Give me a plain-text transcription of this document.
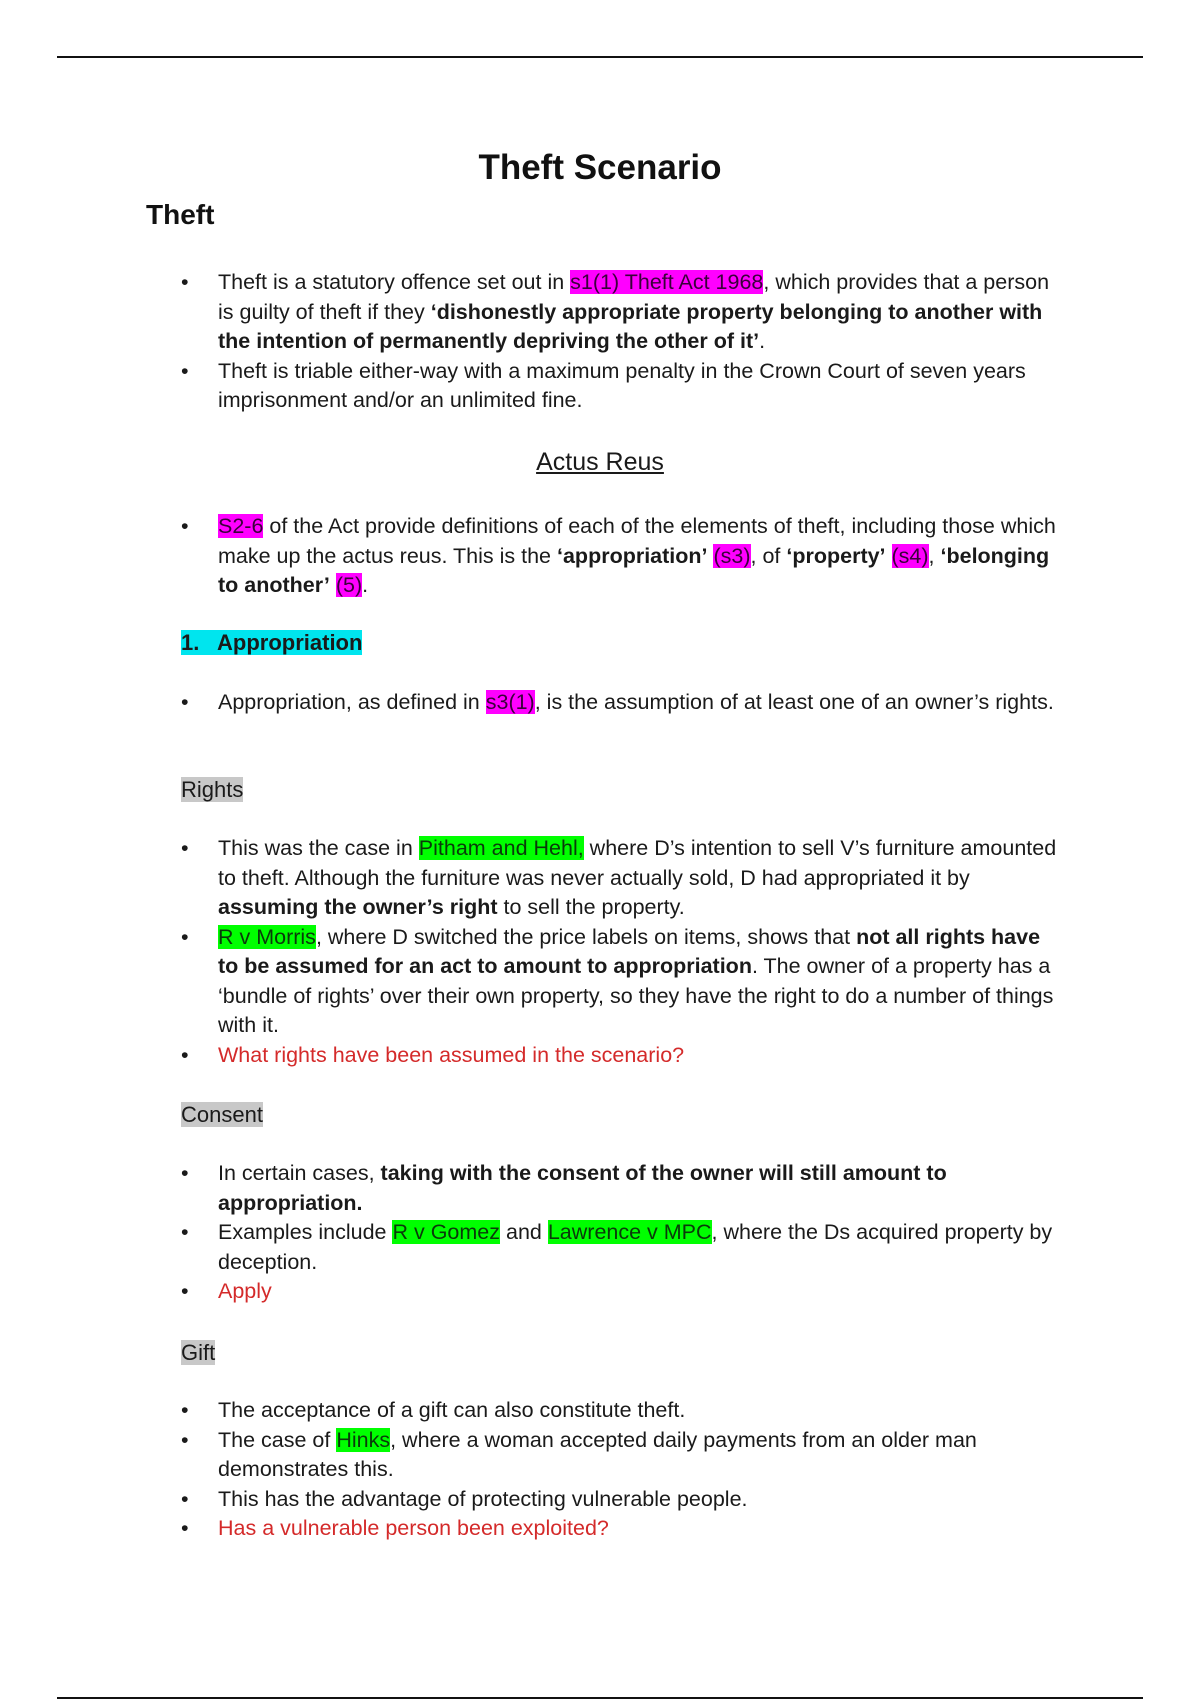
Theft Scenario
Theft
• Theft is a statutory offence set out in s1(1) Theft Act 1968, which provides that a person is guilty of theft if they ‘dishonestly appropriate property belonging to another with the intention of permanently depriving the other of it’.
• Theft is triable either-way with a maximum penalty in the Crown Court of seven years imprisonment and/or an unlimited fine.
Actus Reus
• S2-6 of the Act provide definitions of each of the elements of theft, including those which make up the actus reus. This is the ‘appropriation’ (s3), of ‘property’ (s4), ‘belonging to another’ (5).
1. Appropriation
• Appropriation, as defined in s3(1), is the assumption of at least one of an owner’s rights.
Rights
• This was the case in Pitham and Hehl, where D’s intention to sell V’s furniture amounted to theft. Although the furniture was never actually sold, D had appropriated it by assuming the owner’s right to sell the property.
• R v Morris, where D switched the price labels on items, shows that not all rights have to be assumed for an act to amount to appropriation. The owner of a property has a ‘bundle of rights’ over their own property, so they have the right to do a number of things with it.
• What rights have been assumed in the scenario?
Consent
• In certain cases, taking with the consent of the owner will still amount to appropriation.
• Examples include R v Gomez and Lawrence v MPC, where the Ds acquired property by deception.
• Apply
Gift
• The acceptance of a gift can also constitute theft.
• The case of Hinks, where a woman accepted daily payments from an older man demonstrates this.
• This has the advantage of protecting vulnerable people.
• Has a vulnerable person been exploited?
